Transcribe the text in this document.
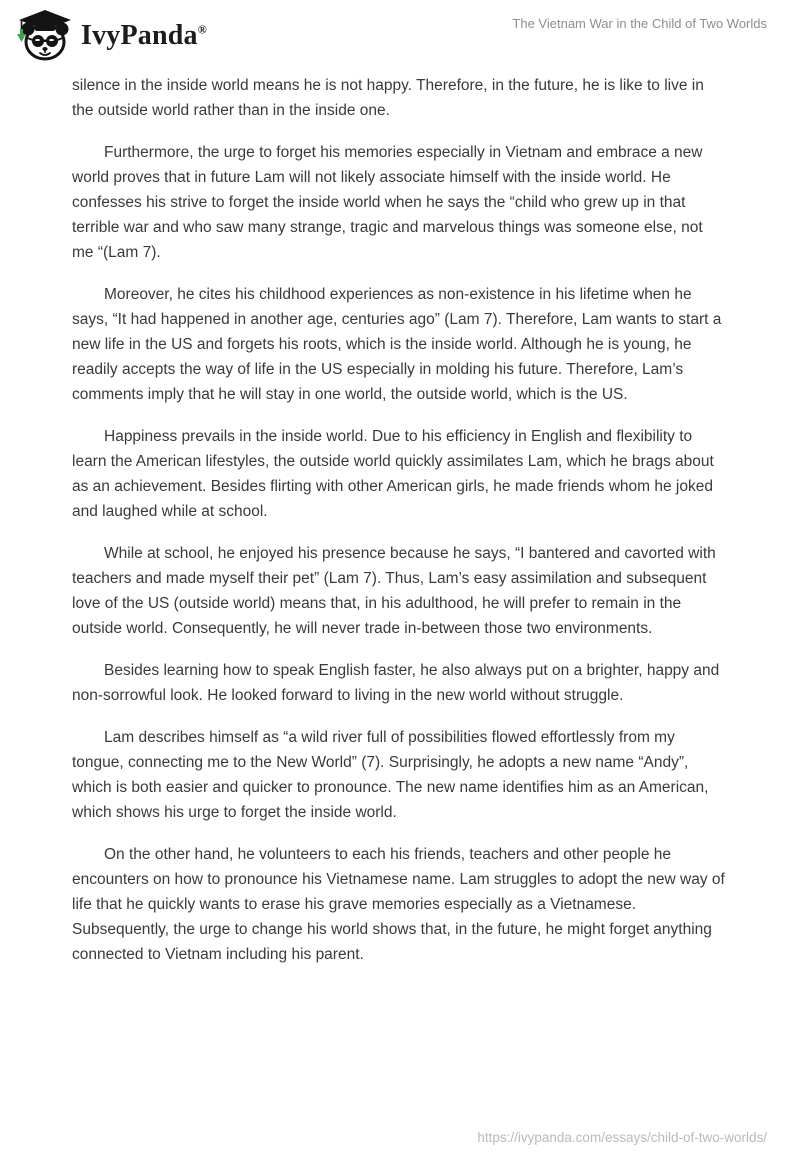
IvyPanda®	The Vietnam War in the Child of Two Worlds

silence in the inside world means he is not happy. Therefore, in the future, he is like to live in the outside world rather than in the inside one.

Furthermore, the urge to forget his memories especially in Vietnam and embrace a new world proves that in future Lam will not likely associate himself with the inside world. He confesses his strive to forget the inside world when he says the “child who grew up in that terrible war and who saw many strange, tragic and marvelous things was someone else, not me “(Lam 7).

Moreover, he cites his childhood experiences as non-existence in his lifetime when he says, “It had happened in another age, centuries ago” (Lam 7). Therefore, Lam wants to start a new life in the US and forgets his roots, which is the inside world. Although he is young, he readily accepts the way of life in the US especially in molding his future. Therefore, Lam’s comments imply that he will stay in one world, the outside world, which is the US.

Happiness prevails in the inside world. Due to his efficiency in English and flexibility to learn the American lifestyles, the outside world quickly assimilates Lam, which he brags about as an achievement. Besides flirting with other American girls, he made friends whom he joked and laughed while at school.

While at school, he enjoyed his presence because he says, “I bantered and cavorted with teachers and made myself their pet” (Lam 7). Thus, Lam’s easy assimilation and subsequent love of the US (outside world) means that, in his adulthood, he will prefer to remain in the outside world. Consequently, he will never trade in-between those two environments.

Besides learning how to speak English faster, he also always put on a brighter, happy and non-sorrowful look. He looked forward to living in the new world without struggle.

Lam describes himself as “a wild river full of possibilities flowed effortlessly from my tongue, connecting me to the New World” (7). Surprisingly, he adopts a new name “Andy”, which is both easier and quicker to pronounce. The new name identifies him as an American, which shows his urge to forget the inside world.

On the other hand, he volunteers to each his friends, teachers and other people he encounters on how to pronounce his Vietnamese name. Lam struggles to adopt the new way of life that he quickly wants to erase his grave memories especially as a Vietnamese. Subsequently, the urge to change his world shows that, in the future, he might forget anything connected to Vietnam including his parent.

https://ivypanda.com/essays/child-of-two-worlds/
